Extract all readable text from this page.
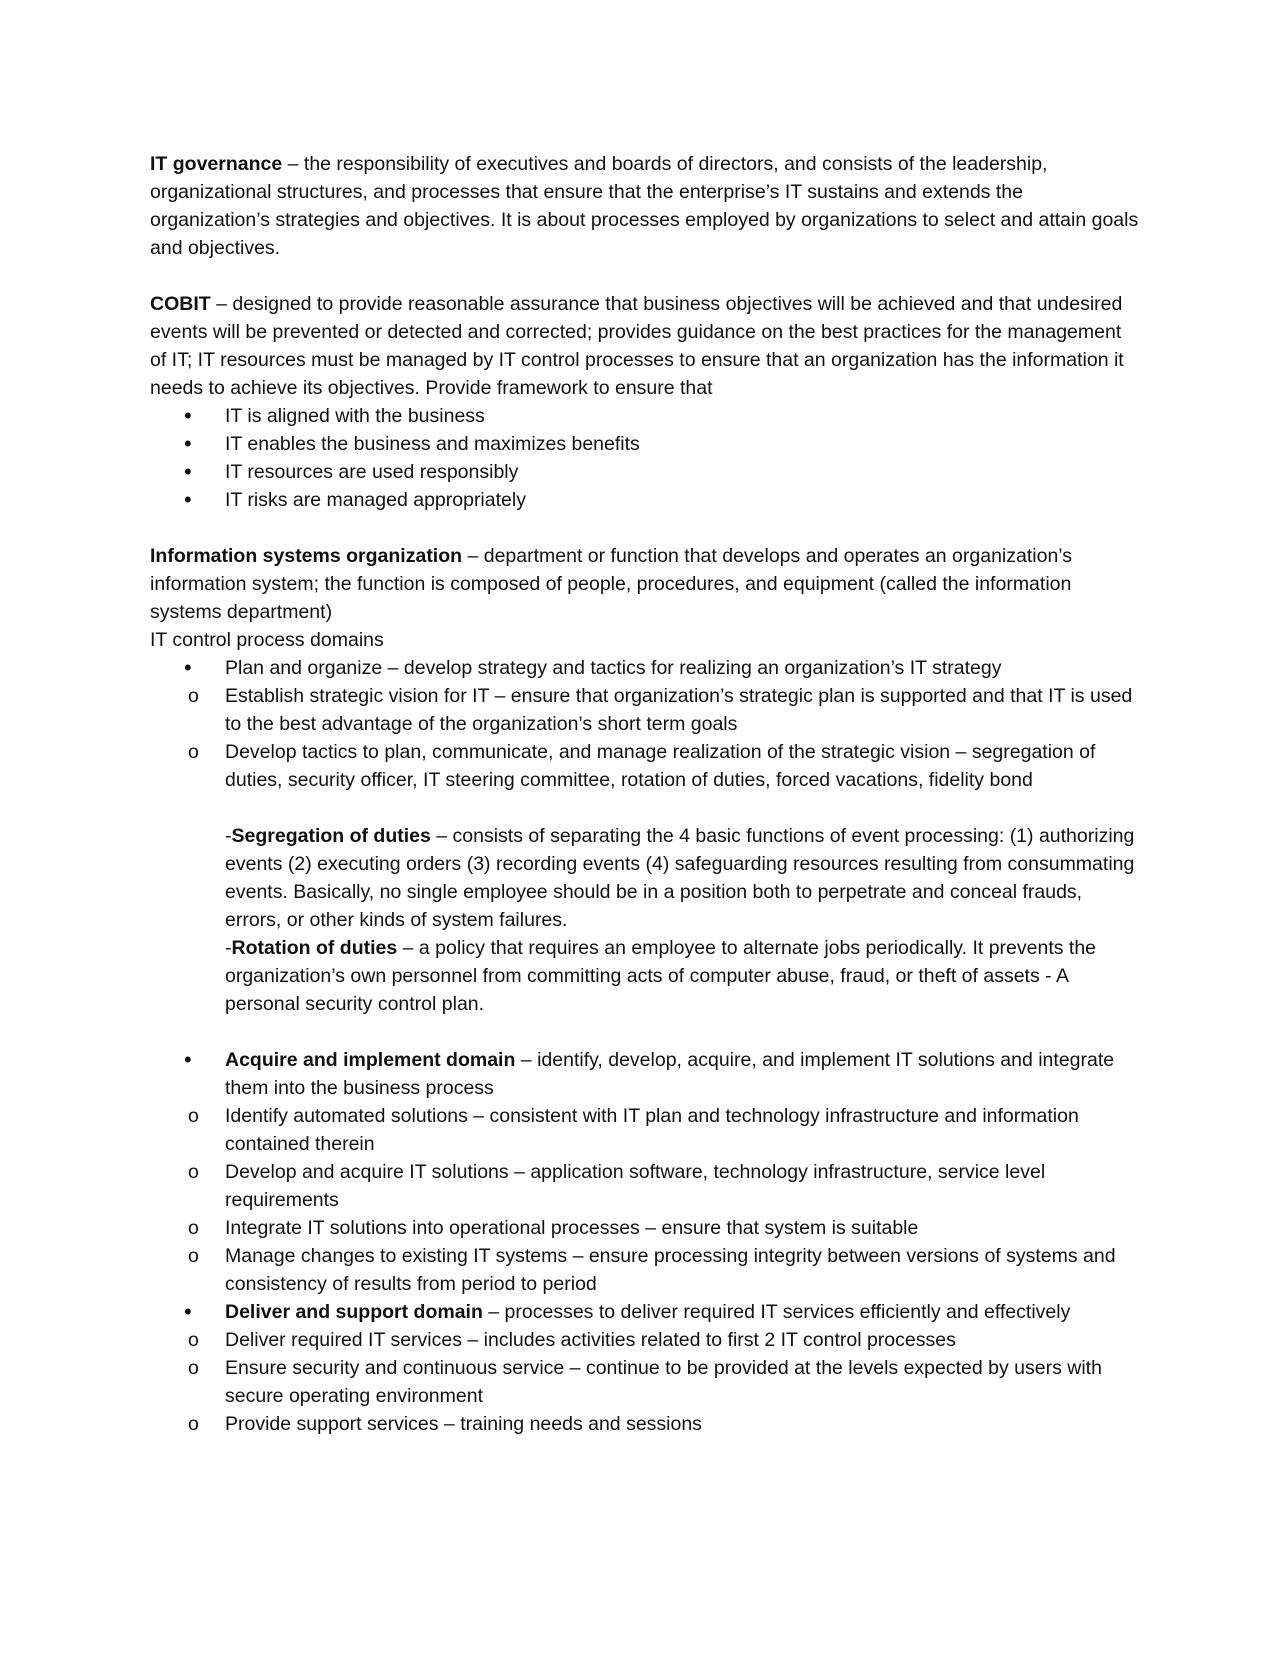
IT governance – the responsibility of executives and boards of directors, and consists of the leadership, organizational structures, and processes that ensure that the enterprise’s IT sustains and extends the organization’s strategies and objectives. It is about processes employed by organizations to select and attain goals and objectives.

COBIT – designed to provide reasonable assurance that business objectives will be achieved and that undesired events will be prevented or detected and corrected; provides guidance on the best practices for the management of IT; IT resources must be managed by IT control processes to ensure that an organization has the information it needs to achieve its objectives. Provide framework to ensure that

• IT is aligned with the business
• IT enables the business and maximizes benefits
• IT resources are used responsibly
• IT risks are managed appropriately

Information systems organization – department or function that develops and operates an organization’s information system; the function is composed of people, procedures, and equipment (called the information systems department)

IT control process domains

• Plan and organize – develop strategy and tactics for realizing an organization’s IT strategy
o Establish strategic vision for IT – ensure that organization’s strategic plan is supported and that IT is used to the best advantage of the organization’s short term goals
o Develop tactics to plan, communicate, and manage realization of the strategic vision – segregation of duties, security officer, IT steering committee, rotation of duties, forced vacations, fidelity bond

-Segregation of duties – consists of separating the 4 basic functions of event processing: (1) authorizing events (2) executing orders (3) recording events (4) safeguarding resources resulting from consummating events. Basically, no single employee should be in a position both to perpetrate and conceal frauds, errors, or other kinds of system failures.

-Rotation of duties – a policy that requires an employee to alternate jobs periodically. It prevents the organization’s own personnel from committing acts of computer abuse, fraud, or theft of assets - A personal security control plan.

• Acquire and implement domain – identify, develop, acquire, and implement IT solutions and integrate them into the business process
o Identify automated solutions – consistent with IT plan and technology infrastructure and information contained therein
o Develop and acquire IT solutions – application software, technology infrastructure, service level requirements
o Integrate IT solutions into operational processes – ensure that system is suitable
o Manage changes to existing IT systems – ensure processing integrity between versions of systems and consistency of results from period to period
• Deliver and support domain – processes to deliver required IT services efficiently and effectively
o Deliver required IT services – includes activities related to first 2 IT control processes
o Ensure security and continuous service – continue to be provided at the levels expected by users with secure operating environment
o Provide support services – training needs and sessions
